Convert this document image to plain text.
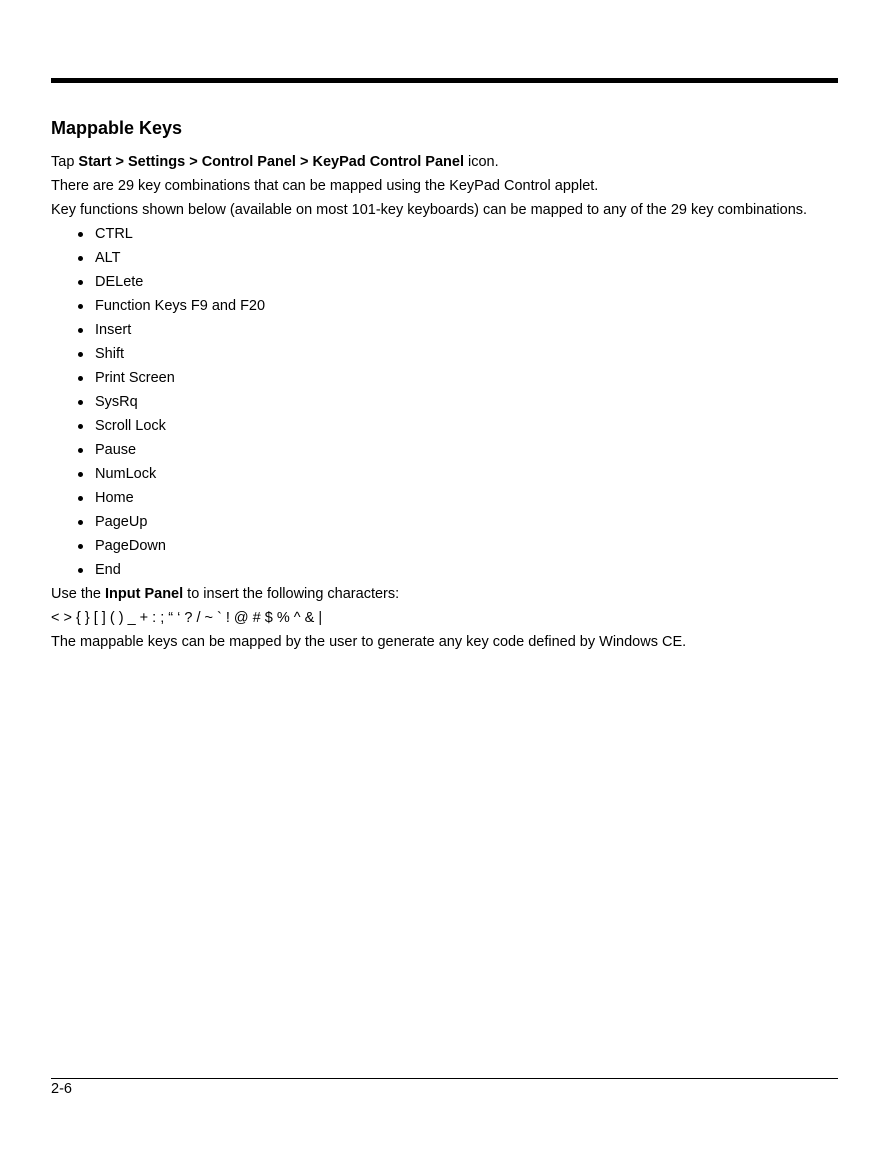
Mappable Keys

Tap Start > Settings > Control Panel > KeyPad Control Panel icon.

There are 29 key combinations that can be mapped using the KeyPad Control applet.

Key functions shown below (available on most 101-key keyboards) can be mapped to any of the 29 key combinations.

CTRL
ALT
DELete
Function Keys F9 and F20
Insert
Shift
Print Screen
SysRq
Scroll Lock
Pause
NumLock
Home
PageUp
PageDown
End

Use the Input Panel to insert the following characters:

< > { } [ ] ( ) _ + : ; “ ‘ ? / ~ ` ! @ # $ % ^ & |

The mappable keys can be mapped by the user to generate any key code defined by Windows CE.

2-6
